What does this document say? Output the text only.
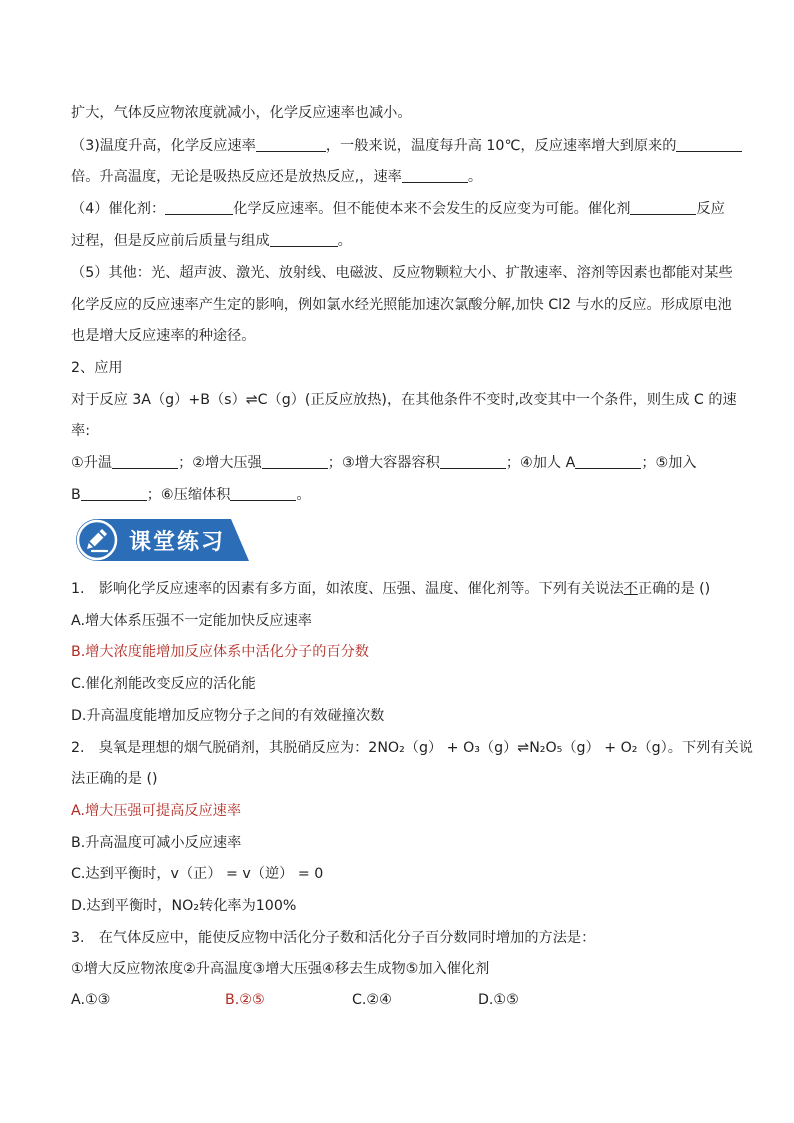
扩大，气体反应物浓度就减小，化学反应速率也减小。
（3)温度升高，化学反应速率	，一般来说，温度每升高 10℃，反应速率增大到原来的
倍。升高温度，无论是吸热反应还是放热反应,，速率	。
（4）催化剂：	化学反应速率。但不能使本来不会发生的反应变为可能。催化剂	反应
过程，但是反应前后质量与组成	。
（5）其他：光、超声波、激光、放射线、电磁波、反应物颗粒大小、扩散速率、溶剂等因素也都能对某些
化学反应的反应速率产生定的影响，例如氯水经光照能加速次氯酸分解,加快 Cl2 与水的反应。形成原电池
也是增大反应速率的种途径。
2、应用
对于反应 3A（g）+B（s）⇌C（g）(正反应放热)，在其他条件不变时,改变其中一个条件，则生成 C 的速
率:
①升温	；②增大压强	；③增大容器容积	；④加人 A	；⑤加入
B	；⑥压缩体积	。
课堂练习
1.　影响化学反应速率的因素有多方面，如浓度、压强、温度、催化剂等。下列有关说法不正确的是 ()
A.增大体系压强不一定能加快反应速率
B.增大浓度能增加反应体系中活化分子的百分数
C.催化剂能改变反应的活化能
D.升高温度能增加反应物分子之间的有效碰撞次数
2.　臭氧是理想的烟气脱硝剂，其脱硝反应为：2NO₂（g） + O₃（g）⇌N₂O₅（g） + O₂（g）。下列有关说
法正确的是 ()
A.增大压强可提高反应速率
B.升高温度可减小反应速率
C.达到平衡时，v（正） = v（逆） = 0
D.达到平衡时，NO₂转化率为100%
3.　在气体反应中，能使反应物中活化分子数和活化分子百分数同时增加的方法是：
①增大反应物浓度②升高温度③增大压强④移去生成物⑤加入催化剂
A.①③	B.②⑤	C.②④	D.①⑤
